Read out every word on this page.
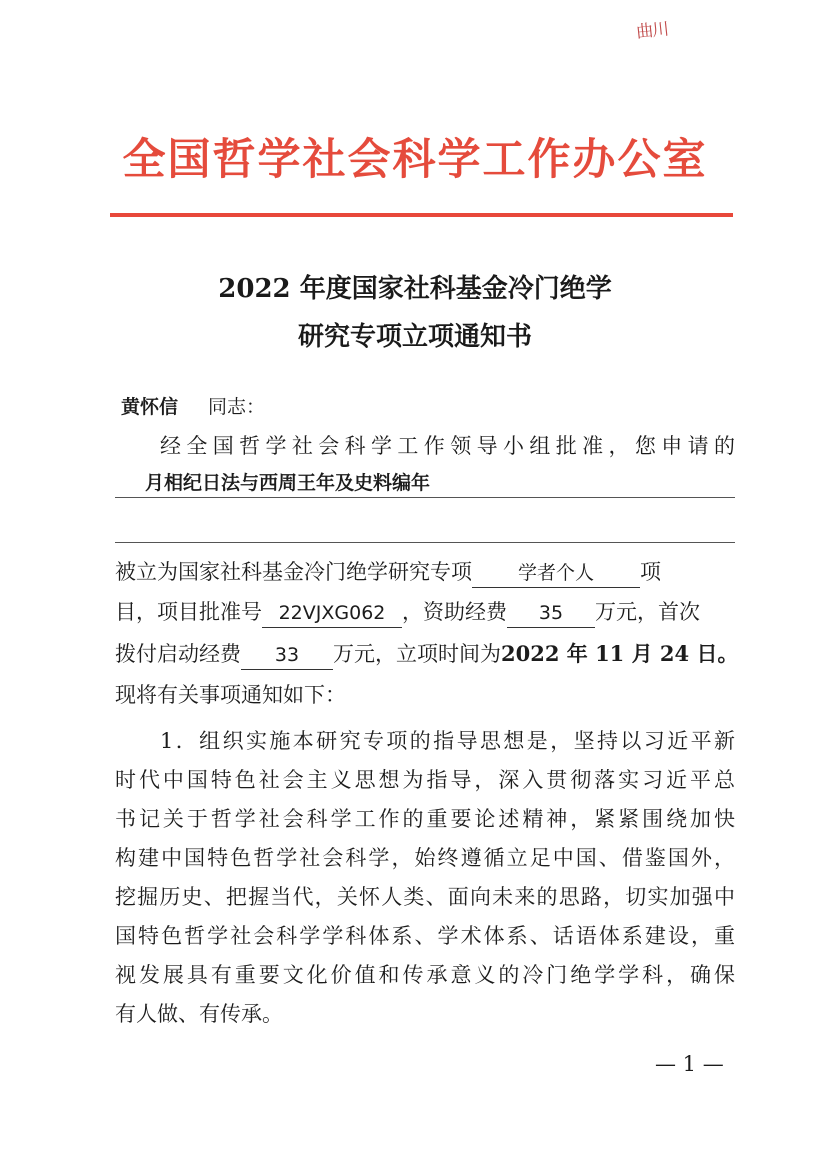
曲川
全国哲学社会科学工作办公室
2022 年度国家社科基金冷门绝学
研究专项立项通知书
黄怀信 同志：
经全国哲学社会科学工作领导小组批准，您申请的
月相纪日法与西周王年及史料编年
被立为国家社科基金冷门绝学研究专项 学者个人 项
目，项目批准号 22VJXG062 ，资助经费 35 万元，首次
拨付启动经费 33 万元，立项时间为2022 年 11 月 24 日。
现将有关事项通知如下：
1．组织实施本研究专项的指导思想是，坚持以习近平新
时代中国特色社会主义思想为指导，深入贯彻落实习近平总
书记关于哲学社会科学工作的重要论述精神，紧紧围绕加快
构建中国特色哲学社会科学，始终遵循立足中国、借鉴国外，
挖掘历史、把握当代，关怀人类、面向未来的思路，切实加强中
国特色哲学社会科学学科体系、学术体系、话语体系建设，重
视发展具有重要文化价值和传承意义的冷门绝学学科，确保
有人做、有传承。
— 1 —
